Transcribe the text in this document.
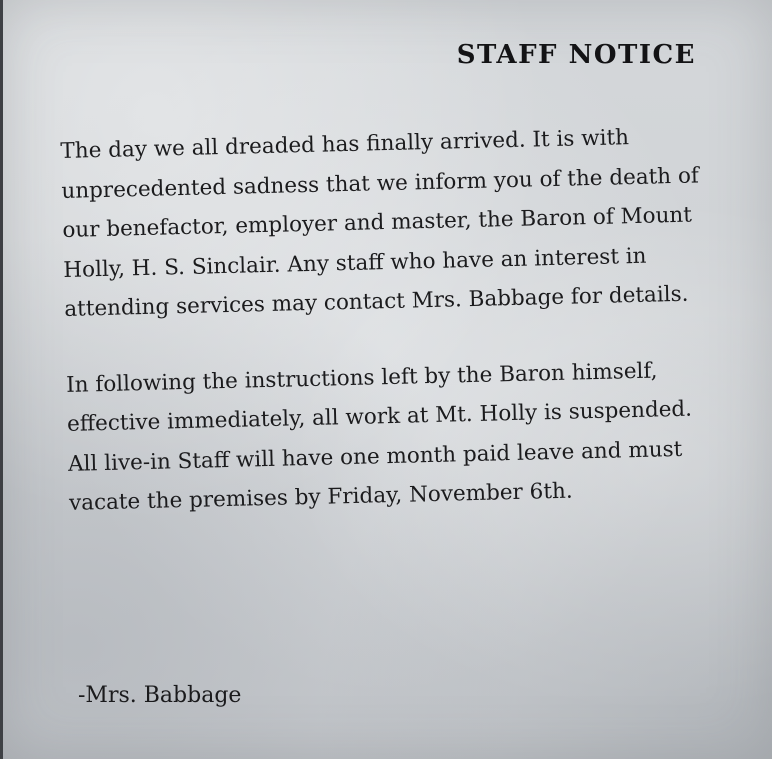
STAFF NOTICE

The day we all dreaded has finally arrived. It is with unprecedented sadness that we inform you of the death of our benefactor, employer and master, the Baron of Mount Holly, H. S. Sinclair. Any staff who have an interest in attending services may contact Mrs. Babbage for details.

In following the instructions left by the Baron himself, effective immediately, all work at Mt. Holly is suspended. All live-in Staff will have one month paid leave and must vacate the premises by Friday, November 6th.

-Mrs. Babbage
